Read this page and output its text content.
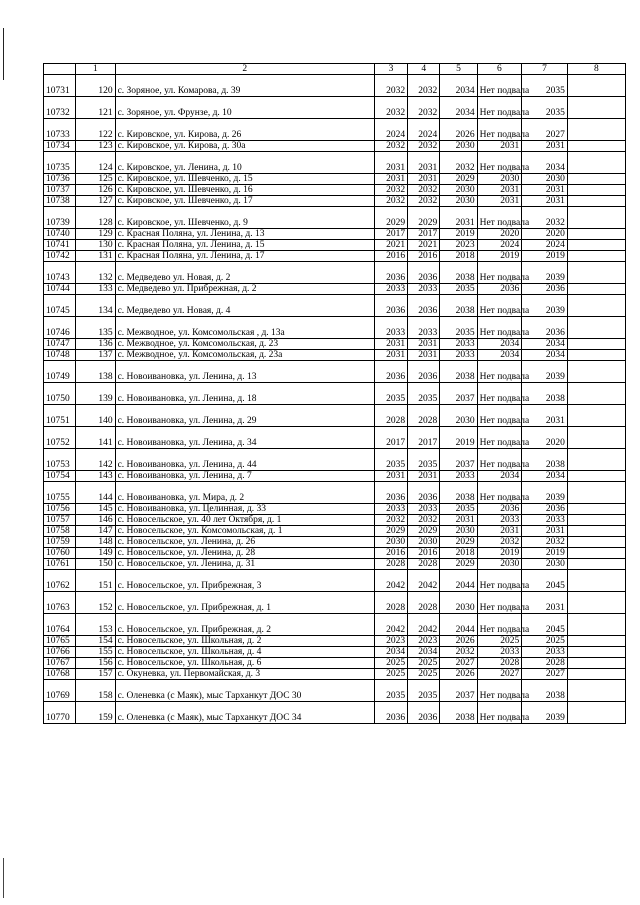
	1	2	3	4	5	6	7	8
10731	120	с. Зоряное, ул. Комарова, д. 39	2032	2032	2034	Нет подвала	2035	
10732	121	с. Зоряное, ул. Фрунзе, д. 10	2032	2032	2034	Нет подвала	2035	
10733	122	с. Кировское, ул. Кирова, д. 26	2024	2024	2026	Нет подвала	2027	
10734	123	с. Кировское, ул. Кирова, д. 30а	2032	2032	2030	2031	2031	
10735	124	с. Кировское, ул. Ленина, д. 10	2031	2031	2032	Нет подвала	2034	
10736	125	с. Кировское, ул. Шевченко, д. 15	2031	2031	2029	2030	2030	
10737	126	с. Кировское, ул. Шевченко, д. 16	2032	2032	2030	2031	2031	
10738	127	с. Кировское, ул. Шевченко, д. 17	2032	2032	2030	2031	2031	
10739	128	с. Кировское, ул. Шевченко, д. 9	2029	2029	2031	Нет подвала	2032	
10740	129	с. Красная Поляна, ул. Ленина, д. 13	2017	2017	2019	2020	2020	
10741	130	с. Красная Поляна, ул. Ленина, д. 15	2021	2021	2023	2024	2024	
10742	131	с. Красная Поляна, ул. Ленина, д. 17	2016	2016	2018	2019	2019	
10743	132	с. Медведево ул. Новая, д. 2	2036	2036	2038	Нет подвала	2039	
10744	133	с. Медведево ул. Прибрежная, д. 2	2033	2033	2035	2036	2036	
10745	134	с. Медведево ул. Новая, д. 4	2036	2036	2038	Нет подвала	2039	
10746	135	с. Межводное, ул. Комсомольская , д. 13а	2033	2033	2035	Нет подвала	2036	
10747	136	с. Межводное, ул. Комсомольская, д. 23	2031	2031	2033	2034	2034	
10748	137	с. Межводное, ул. Комсомольская, д. 23а	2031	2031	2033	2034	2034	
10749	138	с. Новоивановка, ул. Ленина, д. 13	2036	2036	2038	Нет подвала	2039	
10750	139	с. Новоивановка, ул. Ленина, д. 18	2035	2035	2037	Нет подвала	2038	
10751	140	с. Новоивановка, ул. Ленина, д. 29	2028	2028	2030	Нет подвала	2031	
10752	141	с. Новоивановка, ул. Ленина, д. 34	2017	2017	2019	Нет подвала	2020	
10753	142	с. Новоивановка, ул. Ленина, д. 44	2035	2035	2037	Нет подвала	2038	
10754	143	с. Новоивановка, ул. Ленина, д. 7	2031	2031	2033	2034	2034	
10755	144	с. Новоивановка, ул. Мира, д. 2	2036	2036	2038	Нет подвала	2039	
10756	145	с. Новоивановка, ул. Целинная, д. 33	2033	2033	2035	2036	2036	
10757	146	с. Новосельское, ул. 40 лет Октября, д. 1	2032	2032	2031	2033	2033	
10758	147	с. Новосельское, ул. Комсомольская, д. 1	2029	2029	2030	2031	2031	
10759	148	с. Новосельское, ул. Ленина, д. 26	2030	2030	2029	2032	2032	
10760	149	с. Новосельское, ул. Ленина, д. 28	2016	2016	2018	2019	2019	
10761	150	с. Новосельское, ул. Ленина, д. 31	2028	2028	2029	2030	2030	
10762	151	с. Новосельское, ул. Прибрежная, 3	2042	2042	2044	Нет подвала	2045	
10763	152	с. Новосельское, ул. Прибрежная, д. 1	2028	2028	2030	Нет подвала	2031	
10764	153	с. Новосельское, ул. Прибрежная, д. 2	2042	2042	2044	Нет подвала	2045	
10765	154	с. Новосельское, ул. Школьная, д. 2	2023	2023	2026	2025	2025	
10766	155	с. Новосельское, ул. Школьная, д. 4	2034	2034	2032	2033	2033	
10767	156	с. Новосельское, ул. Школьная, д. 6	2025	2025	2027	2028	2028	
10768	157	с. Окуневка, ул. Первомайская, д. 3	2025	2025	2026	2027	2027	
10769	158	с. Оленевка (с Маяк), мыс Тарханкут ДОС 30	2035	2035	2037	Нет подвала	2038	
10770	159	с. Оленевка (с Маяк), мыс Тарханкут ДОС 34	2036	2036	2038	Нет подвала	2039	
